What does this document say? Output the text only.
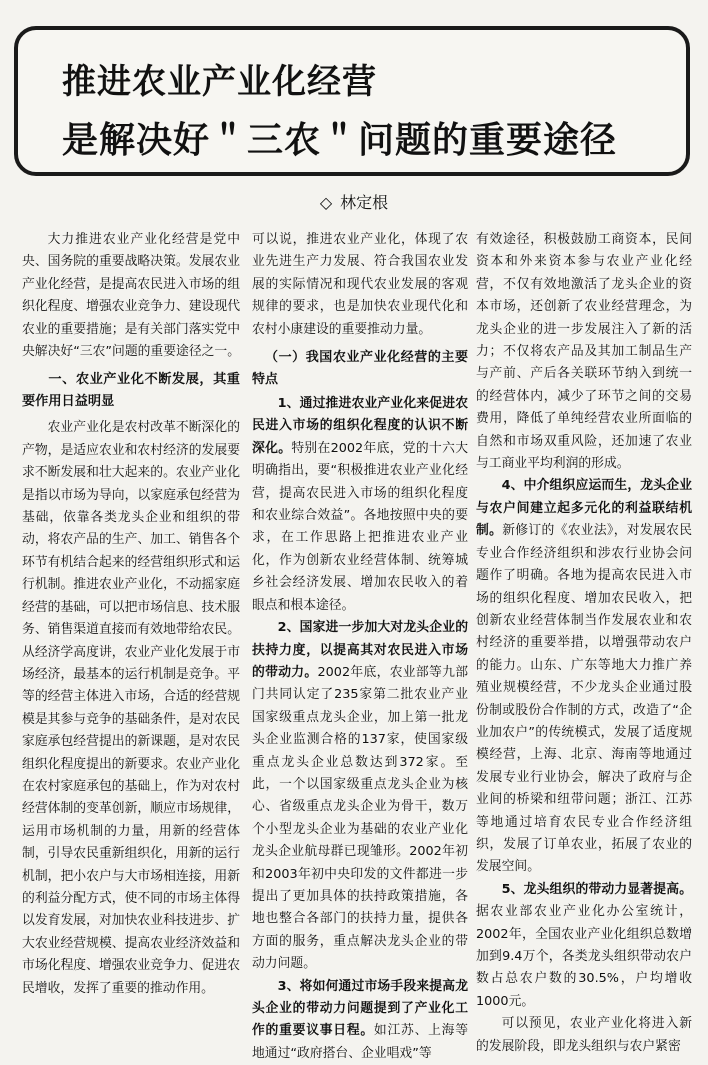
推进农业产业化经营
是解决好＂三农＂问题的重要途径
◇ 林定根

大力推进农业产业化经营是党中央、国务院的重要战略决策。发展农业产业化经营，是提高农民进入市场的组织化程度、增强农业竞争力、建设现代农业的重要措施；是有关部门落实党中央解决好“三农”问题的重要途径之一。

一、农业产业化不断发展，其重要作用日益明显

农业产业化是农村改革不断深化的产物，是适应农业和农村经济的发展要求不断发展和壮大起来的。农业产业化是指以市场为导向，以家庭承包经营为基础，依靠各类龙头企业和组织的带动，将农产品的生产、加工、销售各个环节有机结合起来的经营组织形式和运行机制。推进农业产业化，不动摇家庭经营的基础，可以把市场信息、技术服务、销售渠道直接而有效地带给农民。从经济学高度讲，农业产业化发展于市场经济，最基本的运行机制是竞争。平等的经营主体进入市场，合适的经营规模是其参与竞争的基础条件，是对农民家庭承包经营提出的新课题，是对农民组织化程度提出的新要求。农业产业化在农村家庭承包的基础上，作为对农村经营体制的变革创新，顺应市场规律，运用市场机制的力量，用新的经营体制，引导农民重新组织化，用新的运行机制，把小农户与大市场相连接，用新的利益分配方式，使不同的市场主体得以发育发展，对加快农业科技进步、扩大农业经营规模、提高农业经济效益和市场化程度、增强农业竞争力、促进农民增收，发挥了重要的推动作用。

可以说，推进农业产业化，体现了农业先进生产力发展、符合我国农业发展的实际情况和现代农业发展的客观规律的要求，也是加快农业现代化和农村小康建设的重要推动力量。

（一）我国农业产业化经营的主要特点

1、通过推进农业产业化来促进农民进入市场的组织化程度的认识不断深化。特别在2002年底，党的十六大明确指出，要“积极推进农业产业化经营，提高农民进入市场的组织化程度和农业综合效益”。各地按照中央的要求，在工作思路上把推进农业产业化，作为创新农业经营体制、统筹城乡社会经济发展、增加农民收入的着眼点和根本途径。

2、国家进一步加大对龙头企业的扶持力度，以提高其对农民进入市场的带动力。2002年底，农业部等九部门共同认定了235家第二批农业产业国家级重点龙头企业，加上第一批龙头企业监测合格的137家，使国家级重点龙头企业总数达到372家。至此，一个以国家级重点龙头企业为核心、省级重点龙头企业为骨干，数万个小型龙头企业为基础的农业产业化龙头企业航母群已现雏形。2002年初和2003年初中央印发的文件都进一步提出了更加具体的扶持政策措施，各地也整合各部门的扶持力量，提供各方面的服务，重点解决龙头企业的带动力问题。

3、将如何通过市场手段来提高龙头企业的带动力问题提到了产业化工作的重要议事日程。如江苏、上海等地通过“政府搭台、企业唱戏”等

有效途径，积极鼓励工商资本，民间资本和外来资本参与农业产业化经营，不仅有效地激活了龙头企业的资本市场，还创新了农业经营理念，为龙头企业的进一步发展注入了新的活力；不仅将农产品及其加工制品生产与产前、产后各关联环节纳入到统一的经营体内，减少了环节之间的交易费用，降低了单纯经营农业所面临的自然和市场双重风险，还加速了农业与工商业平均利润的形成。

4、中介组织应运而生，龙头企业与农户间建立起多元化的利益联结机制。新修订的《农业法》，对发展农民专业合作经济组织和涉农行业协会问题作了明确。各地为提高农民进入市场的组织化程度、增加农民收入，把创新农业经营体制当作发展农业和农村经济的重要举措，以增强带动农户的能力。山东、广东等地大力推广养殖业规模经营，不少龙头企业通过股份制或股份合作制的方式，改造了“企业加农户”的传统模式，发展了适度规模经营，上海、北京、海南等地通过发展专业行业协会，解决了政府与企业间的桥梁和纽带问题；浙江、江苏等地通过培育农民专业合作经济组织，发展了订单农业，拓展了农业的发展空间。

5、龙头组织的带动力显著提高。据农业部农业产业化办公室统计，2002年，全国农业产业化组织总数增加到9.4万个，各类龙头组织带动农户数占总农户数的30.5%，户均增收1000元。

可以预见，农业产业化将进入新的发展阶段，即龙头组织与农户紧密
